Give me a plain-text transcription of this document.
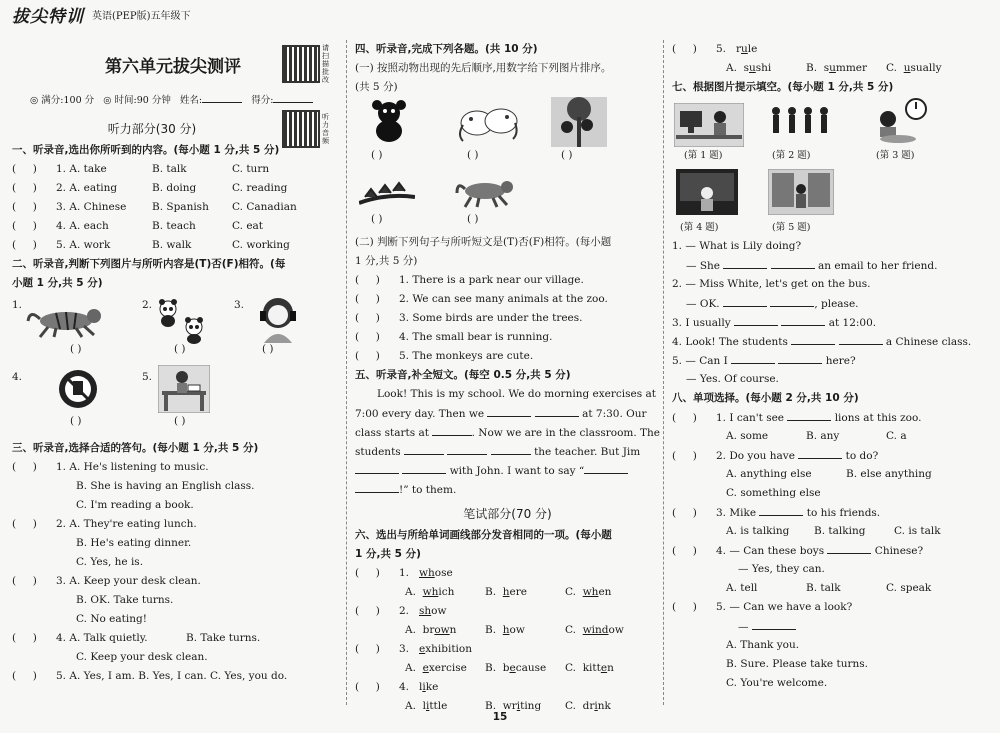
拔尖特训 英语(PEP版)五年级下
第六单元拔尖测评
请扫描批改
◎ 满分:100 分 ◎ 时间:90 分钟 姓名:	得分:
听力音频
听力部分(30 分)
一、听录音,选出你所听到的内容。(每小题 1 分,共 5 分)
(     )	1. A. take	B. talk	C. turn
(     )	2. A. eating	B. doing	C. reading
(     )	3. A. Chinese	B. Spanish	C. Canadian
(     )	4. A. each	B. teach	C. eat
(     )	5. A. work	B. walk	C. working
二、听录音,判断下列图片与所听内容是(T)否(F)相符。(每
小题 1 分,共 5 分)
1.
( )
2.
( )
3.
( )
4.
( )
5.
( )
三、听录音,选择合适的答句。(每小题 1 分,共 5 分)
(     )	1. A. He's listening to music.
B. She is having an English class.
C. I'm reading a book.
(     )	2. A. They're eating lunch.
B. He's eating dinner.
C. Yes, he is.
(     )	3. A. Keep your desk clean.
B. OK. Take turns.
C. No eating!
(     )	4. A. Talk quietly.	B. Take turns.
C. Keep your desk clean.
(     )	5. A. Yes, I am. B. Yes, I can. C. Yes, you do.
四、听录音,完成下列各题。(共 10 分)
(一) 按照动物出现的先后顺序,用数字给下列图片排序。
(共 5 分)
( )	( )	( )
( )	( )
(二) 判断下列句子与所听短文是(T)否(F)相符。(每小题
1 分,共 5 分)
(     )	1. There is a park near our village.
(     )	2. We can see many animals at the zoo.
(     )	3. Some birds are under the trees.
(     )	4. The small bear is running.
(     )	5. The monkeys are cute.
五、听录音,补全短文。(每空 0.5 分,共 5 分)
Look! This is my school. We do morning exercises at
7:00 every day. Then we

	at 7:30. Our
class starts at
	. Now we are in the classroom. The
students

	the teacher. But Jim

with John. I want to say “
!” to them.
笔试部分(70 分)
六、选出与所给单词画线部分发音相同的一项。(每小题
1 分,共 5 分)
(     )	1. whose
A.  which	B.  here	C.  when
(     )	2. show
A.  brown	B.  how	C.  window
(     )	3. exhibition
A.  exercise	B.  because	C.  kitten
(     )	4. like
A.  little	B.  writing	C.  drink
(     )	5. rule
A.  sushi	B.  summer	C.  usually
七、根据图片提示填空。(每小题 1 分,共 5 分)
(第 1 题)	(第 2 题)	(第 3 题)
(第 4 题)	(第 5 题)
1. — What is Lily doing?
— She

	an email to her friend.
2. — Miss White, let's get on the bus.
— OK.

	, please.
3. I usually

	at 12:00.
4. Look! The students

	a Chinese class.
5. — Can I

	here?
— Yes. Of course.
八、单项选择。(每小题 2 分,共 10 分)
(     )	1. I can't see

	lions at this zoo.
A. some	B. any	C. a
(     )	2. Do you have

	to do?
A. anything else	B. else anything
C. something else
(     )	3. Mike

	to his friends.
A. is talking	B. talking	C. is talk
(     )	4. — Can these boys

	Chinese?
— Yes, they can.
A. tell	B. talk	C. speak
(     )	5. — Can we have a look?
—

A. Thank you.
B. Sure. Please take turns.
C. You're welcome.
15
